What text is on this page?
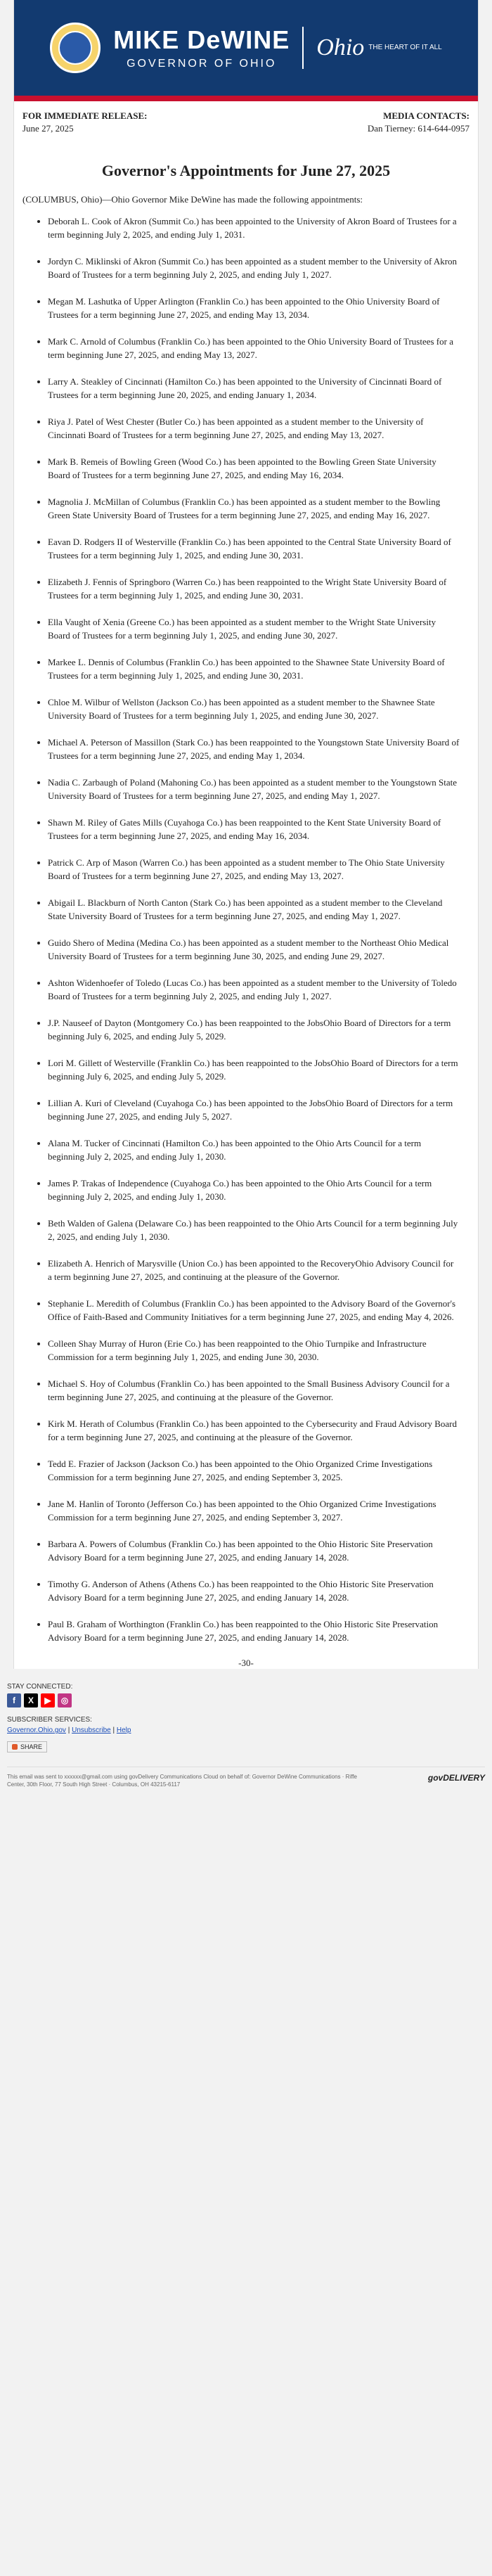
MIKE DeWINE
GOVERNOR OF OHIO
Ohio THE HEART OF IT ALL
FOR IMMEDIATE RELEASE:
June 27, 2025
MEDIA CONTACTS:
Dan Tierney: 614-644-0957
Governor's Appointments for June 27, 2025
(COLUMBUS, Ohio)—Ohio Governor Mike DeWine has made the following appointments:
• Deborah L. Cook of Akron (Summit Co.) has been appointed to the University of Akron Board of Trustees for a term beginning July 2, 2025, and ending July 1, 2031.
• Jordyn C. Miklinski of Akron (Summit Co.) has been appointed as a student member to the University of Akron Board of Trustees for a term beginning July 2, 2025, and ending July 1, 2027.
• Megan M. Lashutka of Upper Arlington (Franklin Co.) has been appointed to the Ohio University Board of Trustees for a term beginning June 27, 2025, and ending May 13, 2034.
• Mark C. Arnold of Columbus (Franklin Co.) has been appointed to the Ohio University Board of Trustees for a term beginning June 27, 2025, and ending May 13, 2027.
• Larry A. Steakley of Cincinnati (Hamilton Co.) has been appointed to the University of Cincinnati Board of Trustees for a term beginning June 20, 2025, and ending January 1, 2034.
• Riya J. Patel of West Chester (Butler Co.) has been appointed as a student member to the University of Cincinnati Board of Trustees for a term beginning June 27, 2025, and ending May 13, 2027.
• Mark B. Remeis of Bowling Green (Wood Co.) has been appointed to the Bowling Green State University Board of Trustees for a term beginning June 27, 2025, and ending May 16, 2034.
• Magnolia J. McMillan of Columbus (Franklin Co.) has been appointed as a student member to the Bowling Green State University Board of Trustees for a term beginning June 27, 2025, and ending May 16, 2027.
• Eavan D. Rodgers II of Westerville (Franklin Co.) has been appointed to the Central State University Board of Trustees for a term beginning July 1, 2025, and ending June 30, 2031.
• Elizabeth J. Fennis of Springboro (Warren Co.) has been reappointed to the Wright State University Board of Trustees for a term beginning July 1, 2025, and ending June 30, 2031.
• Ella Vaught of Xenia (Greene Co.) has been appointed as a student member to the Wright State University Board of Trustees for a term beginning July 1, 2025, and ending June 30, 2027.
• Markee L. Dennis of Columbus (Franklin Co.) has been appointed to the Shawnee State University Board of Trustees for a term beginning July 1, 2025, and ending June 30, 2031.
• Chloe M. Wilbur of Wellston (Jackson Co.) has been appointed as a student member to the Shawnee State University Board of Trustees for a term beginning July 1, 2025, and ending June 30, 2027.
• Michael A. Peterson of Massillon (Stark Co.) has been reappointed to the Youngstown State University Board of Trustees for a term beginning June 27, 2025, and ending May 1, 2034.
• Nadia C. Zarbaugh of Poland (Mahoning Co.) has been appointed as a student member to the Youngstown State University Board of Trustees for a term beginning June 27, 2025, and ending May 1, 2027.
• Shawn M. Riley of Gates Mills (Cuyahoga Co.) has been reappointed to the Kent State University Board of Trustees for a term beginning June 27, 2025, and ending May 16, 2034.
• Patrick C. Arp of Mason (Warren Co.) has been appointed as a student member to The Ohio State University Board of Trustees for a term beginning June 27, 2025, and ending May 13, 2027.
• Abigail L. Blackburn of North Canton (Stark Co.) has been appointed as a student member to the Cleveland State University Board of Trustees for a term beginning June 27, 2025, and ending May 1, 2027.
• Guido Shero of Medina (Medina Co.) has been appointed as a student member to the Northeast Ohio Medical University Board of Trustees for a term beginning June 30, 2025, and ending June 29, 2027.
• Ashton Widenhoefer of Toledo (Lucas Co.) has been appointed as a student member to the University of Toledo Board of Trustees for a term beginning July 2, 2025, and ending July 1, 2027.
• J.P. Nauseef of Dayton (Montgomery Co.) has been reappointed to the JobsOhio Board of Directors for a term beginning July 6, 2025, and ending July 5, 2029.
• Lori M. Gillett of Westerville (Franklin Co.) has been reappointed to the JobsOhio Board of Directors for a term beginning July 6, 2025, and ending July 5, 2029.
• Lillian A. Kuri of Cleveland (Cuyahoga Co.) has been appointed to the JobsOhio Board of Directors for a term beginning June 27, 2025, and ending July 5, 2027.
• Alana M. Tucker of Cincinnati (Hamilton Co.) has been appointed to the Ohio Arts Council for a term beginning July 2, 2025, and ending July 1, 2030.
• James P. Trakas of Independence (Cuyahoga Co.) has been appointed to the Ohio Arts Council for a term beginning July 2, 2025, and ending July 1, 2030.
• Beth Walden of Galena (Delaware Co.) has been reappointed to the Ohio Arts Council for a term beginning July 2, 2025, and ending July 1, 2030.
• Elizabeth A. Henrich of Marysville (Union Co.) has been appointed to the RecoveryOhio Advisory Council for a term beginning June 27, 2025, and continuing at the pleasure of the Governor.
• Stephanie L. Meredith of Columbus (Franklin Co.) has been appointed to the Advisory Board of the Governor's Office of Faith-Based and Community Initiatives for a term beginning June 27, 2025, and ending May 4, 2026.
• Colleen Shay Murray of Huron (Erie Co.) has been reappointed to the Ohio Turnpike and Infrastructure Commission for a term beginning July 1, 2025, and ending June 30, 2030.
• Michael S. Hoy of Columbus (Franklin Co.) has been appointed to the Small Business Advisory Council for a term beginning June 27, 2025, and continuing at the pleasure of the Governor.
• Kirk M. Herath of Columbus (Franklin Co.) has been appointed to the Cybersecurity and Fraud Advisory Board for a term beginning June 27, 2025, and continuing at the pleasure of the Governor.
• Tedd E. Frazier of Jackson (Jackson Co.) has been appointed to the Ohio Organized Crime Investigations Commission for a term beginning June 27, 2025, and ending September 3, 2025.
• Jane M. Hanlin of Toronto (Jefferson Co.) has been appointed to the Ohio Organized Crime Investigations Commission for a term beginning June 27, 2025, and ending September 3, 2027.
• Barbara A. Powers of Columbus (Franklin Co.) has been appointed to the Ohio Historic Site Preservation Advisory Board for a term beginning June 27, 2025, and ending January 14, 2028.
• Timothy G. Anderson of Athens (Athens Co.) has been reappointed to the Ohio Historic Site Preservation Advisory Board for a term beginning June 27, 2025, and ending January 14, 2028.
• Paul B. Graham of Worthington (Franklin Co.) has been reappointed to the Ohio Historic Site Preservation Advisory Board for a term beginning June 27, 2025, and ending January 14, 2028.
-30-
STAY CONNECTED:
f	X	▶	◎
SUBSCRIBER SERVICES:
Governor.Ohio.gov | Unsubscribe | Help
SHARE
This email was sent to xxxxxx@gmail.com using govDelivery Communications Cloud on behalf of: Governor DeWine Communications · Riffe Center, 30th Floor, 77 South High Street · Columbus, OH 43215-6117
govDELIVERY
